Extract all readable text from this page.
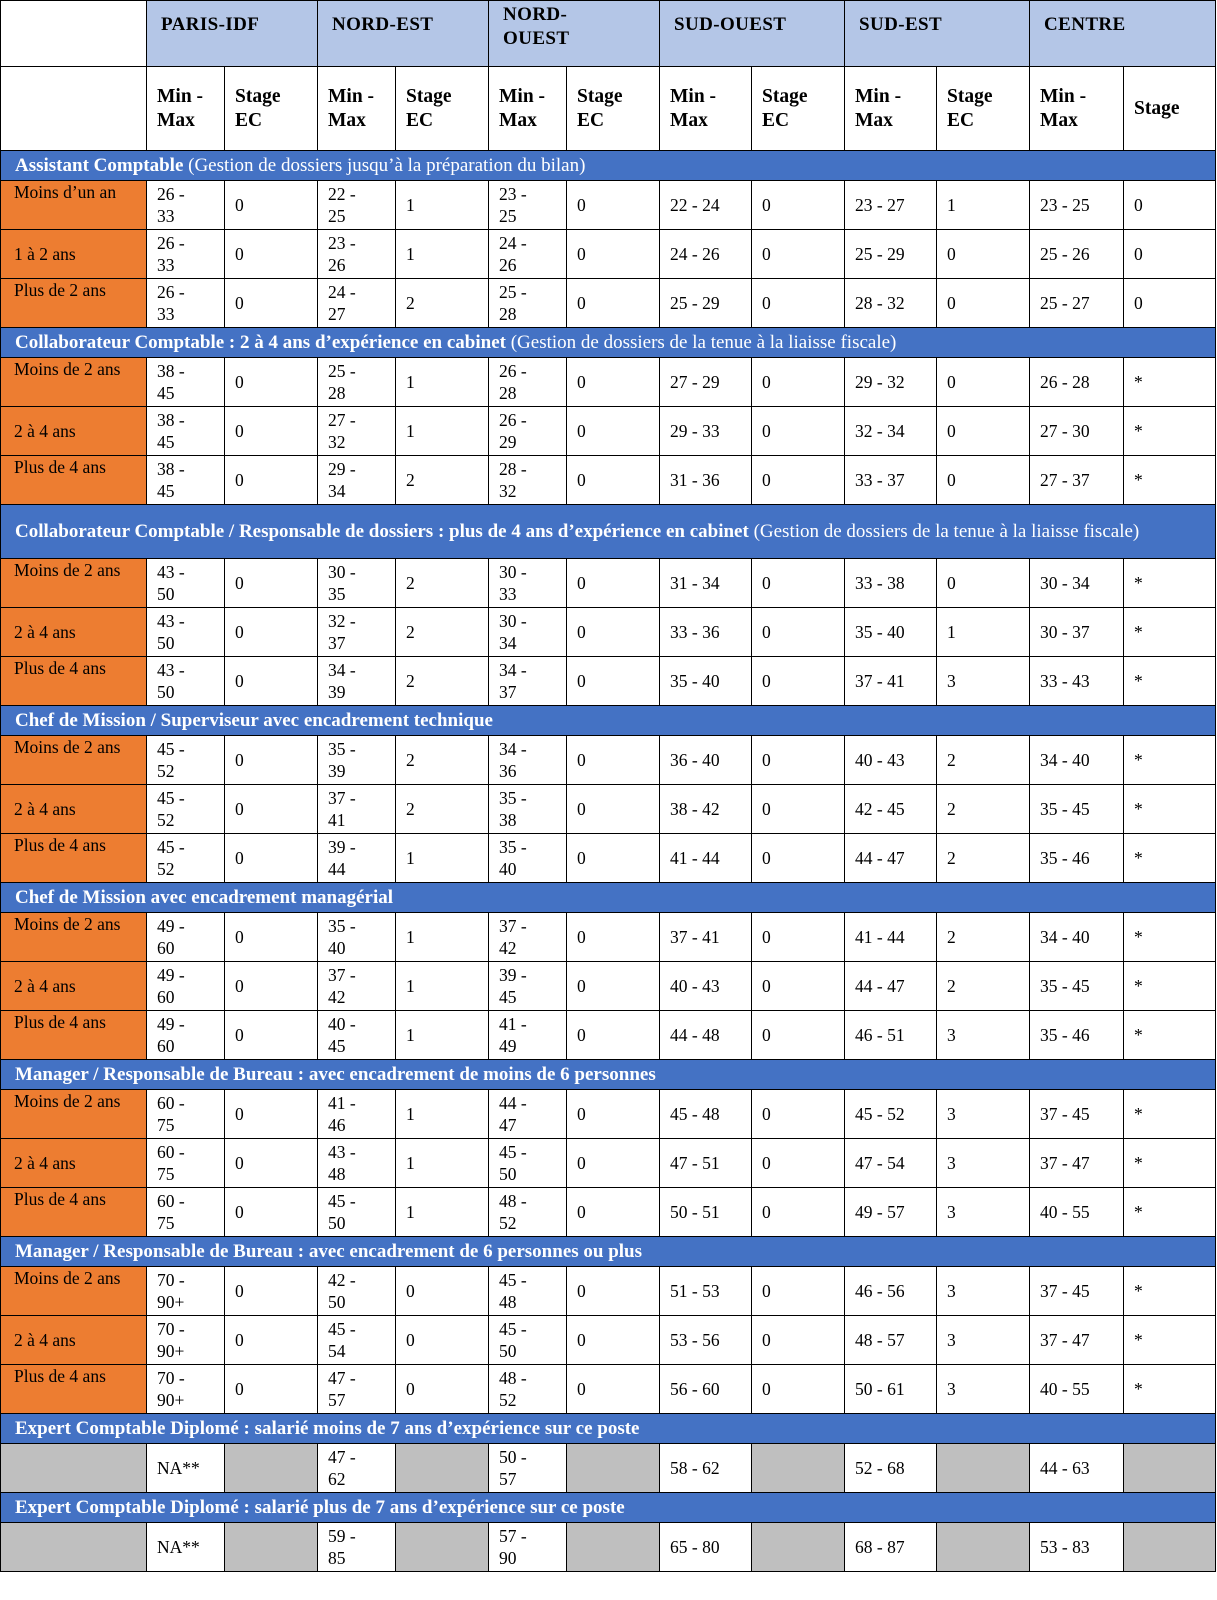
	PARIS-IDF		NORD-EST		NORD-OUEST		SUD-OUEST		SUD-EST		CENTRE	

	Min - Max	Stage EC	Min - Max	Stage EC	Min - Max	Stage EC	Min - Max	Stage EC	Min - Max	Stage EC	Min - Max	Stage
Assistant Comptable (Gestion de dossiers jusqu’à la préparation du bilan)												
Moins d’un an	26 - 33	0	22 - 25	1	23 - 25	0	22 - 24	0	23 - 27	1	23 - 25	0
1 à 2 ans	26 - 33	0	23 - 26	1	24 - 26	0	24 - 26	0	25 - 29	0	25 - 26	0
Plus de 2 ans	26 - 33	0	24 - 27	2	25 - 28	0	25 - 29	0	28 - 32	0	25 - 27	0
Collaborateur Comptable : 2 à 4 ans d’expérience en cabinet (Gestion de dossiers de la tenue à la liaisse fiscale)												
Moins de 2 ans	38 - 45	0	25 - 28	1	26 - 28	0	27 - 29	0	29 - 32	0	26 - 28	*
2 à 4 ans	38 - 45	0	27 - 32	1	26 - 29	0	29 - 33	0	32 - 34	0	27 - 30	*
Plus de 4 ans	38 - 45	0	29 - 34	2	28 - 32	0	31 - 36	0	33 - 37	0	27 - 37	*
Collaborateur Comptable / Responsable de dossiers : plus de 4 ans d’expérience en cabinet (Gestion de dossiers de la tenue à la liaisse fiscale)												
Moins de 2 ans	43 - 50	0	30 - 35	2	30 - 33	0	31 - 34	0	33 - 38	0	30 - 34	*
2 à 4 ans	43 - 50	0	32 - 37	2	30 - 34	0	33 - 36	0	35 - 40	1	30 - 37	*
Plus de 4 ans	43 - 50	0	34 - 39	2	34 - 37	0	35 - 40	0	37 - 41	3	33 - 43	*
Chef de Mission / Superviseur avec encadrement technique												
Moins de 2 ans	45 - 52	0	35 - 39	2	34 - 36	0	36 - 40	0	40 - 43	2	34 - 40	*
2 à 4 ans	45 - 52	0	37 - 41	2	35 - 38	0	38 - 42	0	42 - 45	2	35 - 45	*
Plus de 4 ans	45 - 52	0	39 - 44	1	35 - 40	0	41 - 44	0	44 - 47	2	35 - 46	*
Chef de Mission avec encadrement managérial												
Moins de 2 ans	49 - 60	0	35 - 40	1	37 - 42	0	37 - 41	0	41 - 44	2	34 - 40	*
2 à 4 ans	49 - 60	0	37 - 42	1	39 - 45	0	40 - 43	0	44 - 47	2	35 - 45	*
Plus de 4 ans	49 - 60	0	40 - 45	1	41 - 49	0	44 - 48	0	46 - 51	3	35 - 46	*
Manager / Responsable de Bureau : avec encadrement de moins de 6 personnes												
Moins de 2 ans	60 - 75	0	41 - 46	1	44 - 47	0	45 - 48	0	45 - 52	3	37 - 45	*
2 à 4 ans	60 - 75	0	43 - 48	1	45 - 50	0	47 - 51	0	47 - 54	3	37 - 47	*
Plus de 4 ans	60 - 75	0	45 - 50	1	48 - 52	0	50 - 51	0	49 - 57	3	40 - 55	*
Manager / Responsable de Bureau : avec encadrement de 6 personnes ou plus												
Moins de 2 ans	70 - 90+	0	42 - 50	0	45 - 48	0	51 - 53	0	46 - 56	3	37 - 45	*
2 à 4 ans	70 - 90+	0	45 - 54	0	45 - 50	0	53 - 56	0	48 - 57	3	37 - 47	*
Plus de 4 ans	70 - 90+	0	47 - 57	0	48 - 52	0	56 - 60	0	50 - 61	3	40 - 55	*
Expert Comptable Diplomé : salarié moins de 7 ans d’expérience sur ce poste												
	NA**		47 - 62		50 - 57		58 - 62		52 - 68		44 - 63	
Expert Comptable Diplomé : salarié plus de 7 ans d’expérience sur ce poste												
	NA**		59 - 85		57 - 90		65 - 80		68 - 87		53 - 83	
